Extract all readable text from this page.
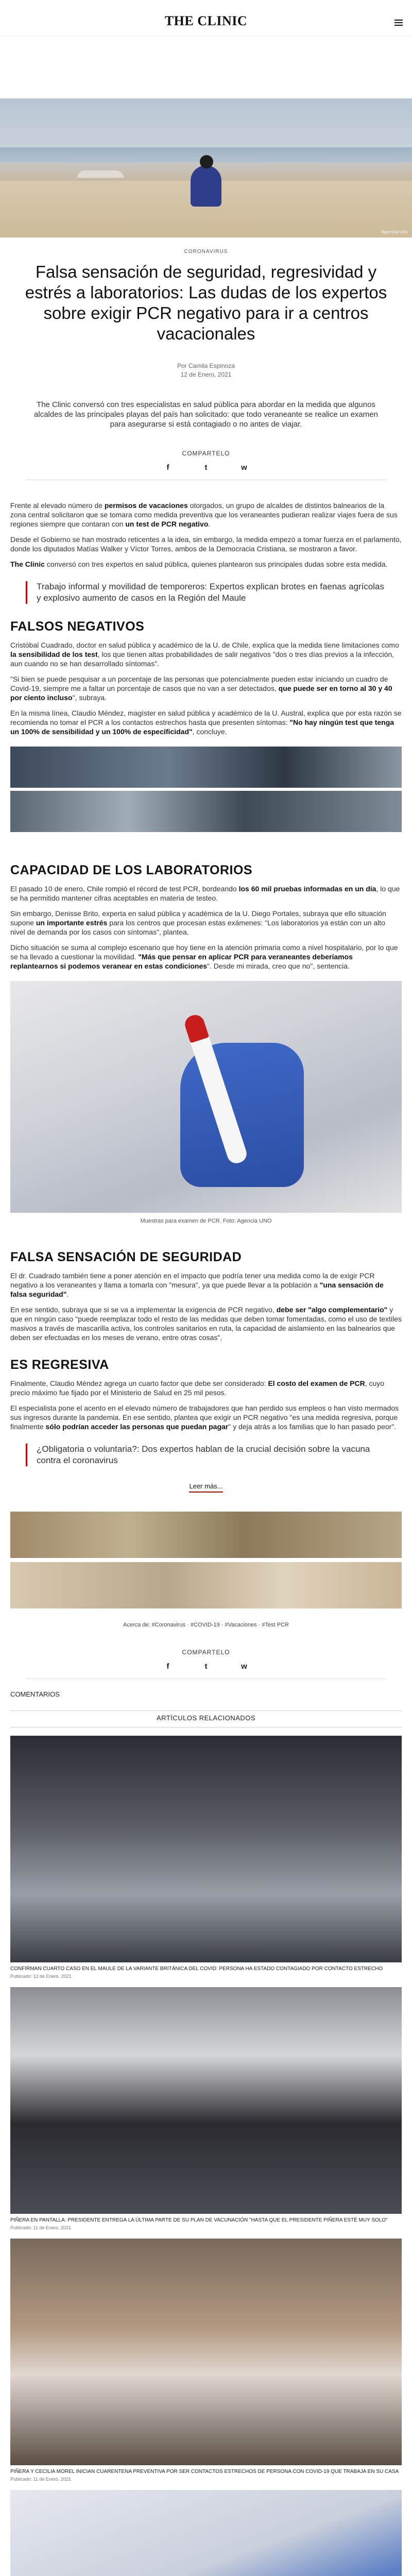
THE CLINIC
Agencia Uno
CORONAVIRUS
Falsa sensación de seguridad, regresividad y estrés a laboratorios: Las dudas de los expertos sobre exigir PCR negativo para ir a centros vacacionales
Por Camila Espinoza
12 de Enero, 2021

The Clinic conversó con tres especialistas en salud pública para abordar en la medida que algunos alcaldes de las principales playas del país han solicitado: que todo veraneante se realice un examen para asegurarse si está contagiado o no antes de viajar.

COMPARTELO
f	t	w

Frente al elevado número de permisos de vacaciones otorgados, un grupo de alcaldes de distintos balnearios de la zona central solicitaron que se tomara como medida preventiva que los veraneantes pudieran realizar viajes fuera de sus regiones siempre que contaran con un test de PCR negativo.

Desde el Gobierno se han mostrado reticentes a la idea, sin embargo, la medida empezó a tomar fuerza en el parlamento, donde los diputados Matías Walker y Víctor Torres, ambos de la Democracia Cristiana, se mostraron a favor.

The Clinic conversó con tres expertos en salud pública, quienes plantearon sus principales dudas sobre esta medida.

Trabajo informal y movilidad de temporeros: Expertos explican brotes en faenas agrícolas y explosivo aumento de casos en la Región del Maule
FALSOS NEGATIVOS

Cristóbal Cuadrado, doctor en salud pública y académico de la U. de Chile, explica que la medida tiene limitaciones como la sensibilidad de los test, los que tienen altas probabilidades de salir negativos "dos o tres días previos a la infección, aun cuando no se han desarrollado síntomas".

"Si bien se puede pesquisar a un porcentaje de las personas que potencialmente pueden estar iniciando un cuadro de Covid-19, siempre me a faltar un porcentaje de casos que no van a ser detectados, que puede ser en torno al 30 y 40 por ciento incluso", subraya.

En la misma línea, Claudio Méndez, magíster en salud pública y académico de la U. Austral, explica que por esta razón se recomienda no tomar el PCR a los contactos estrechos hasta que presenten síntomas: "No hay ningún test que tenga un 100% de sensibilidad y un 100% de especificidad", concluye.

CAPACIDAD DE LOS LABORATORIOS

El pasado 10 de enero, Chile rompió el récord de test PCR, bordeando los 60 mil pruebas informadas en un día, lo que se ha permitido mantener cifras aceptables en materia de testeo.

Sin embargo, Denisse Brito, experta en salud pública y académica de la U. Diego Portales, subraya que ello situación supone un importante estrés para los centros que procesan estas exámenes: "Los laboratorios ya están con un alto nivel de demanda por los casos con síntomas", plantea.

Dicho situación se suma al complejo escenario que hoy tiene en la atención primaria como a nivel hospitalario, por lo que se ha llevado a cuestionar la movilidad. "Más que pensar en aplicar PCR para veraneantes deberíamos replantearnos si podemos veranear en estas condiciones". Desde mi mirada, creo que no", sentencia.

Muestras para examen de PCR. Foto: Agencia UNO
FALSA SENSACIÓN DE SEGURIDAD

El dr. Cuadrado también tiene a poner atención en el impacto que podría tener una medida como la de exigir PCR negativo a los veraneantes y llama a tomarla con "mesura", ya que puede llevar a la población a "una sensación de falsa seguridad".

En ese sentido, subraya que si se va a implementar la exigencia de PCR negativo, debe ser "algo complementario" y que en ningún caso "puede reemplazar todo el resto de las medidas que deben tomar fomentadas, como el uso de textiles masivos a través de mascarilla activa, los controles sanitarios en ruta, la capacidad de aislamiento en las balnearios que deben ser efectuadas en los meses de verano, entre otras cosas".

ES REGRESIVA

Finalmente, Claudio Méndez agrega un cuarto factor que debe ser considerado: El costo del examen de PCR, cuyo precio máximo fue fijado por el Ministerio de Salud en 25 mil pesos.

El especialista pone el acento en el elevado número de trabajadores que han perdido sus empleos o han visto mermados sus ingresos durante la pandemia. En ese sentido, plantea que exigir un PCR negativo "es una medida regresiva, porque finalmente sólo podrían acceder las personas que puedan pagar" y deja atrás a los familias que lo han pasado peor".

¿Obligatoria o voluntaria?: Dos expertos hablan de la crucial decisión sobre la vacuna contra el coronavirus
Leer más...
Acerca de: #Coronavirus · #COVID-19 · #Vacaciones · #Test PCR
COMPARTELO
f	t	w
COMENTARIOS
ARTÍCULOS RELACIONADOS
CONFIRMAN CUARTO CASO EN EL MAULE DE LA VARIANTE BRITÁNICA DEL COVID: PERSONA HA ESTADO CONTAGIADO POR CONTACTO ESTRECHO
Publicado: 12 de Enero, 2021
PIÑERA EN PANTALLA: PRESIDENTE ENTREGA LA ÚLTIMA PARTE DE SU PLAN DE VACUNACIÓN "HASTA QUE EL PRESIDENTE PIÑERA ESTÉ MUY SOLO"
Publicado: 11 de Enero, 2021
PIÑERA Y CECILIA MOREL INICIAN CUARENTENA PREVENTIVA POR SER CONTACTOS ESTRECHOS DE PERSONA CON COVID-19 QUE TRABAJA EN SU CASA
Publicado: 11 de Enero, 2021
